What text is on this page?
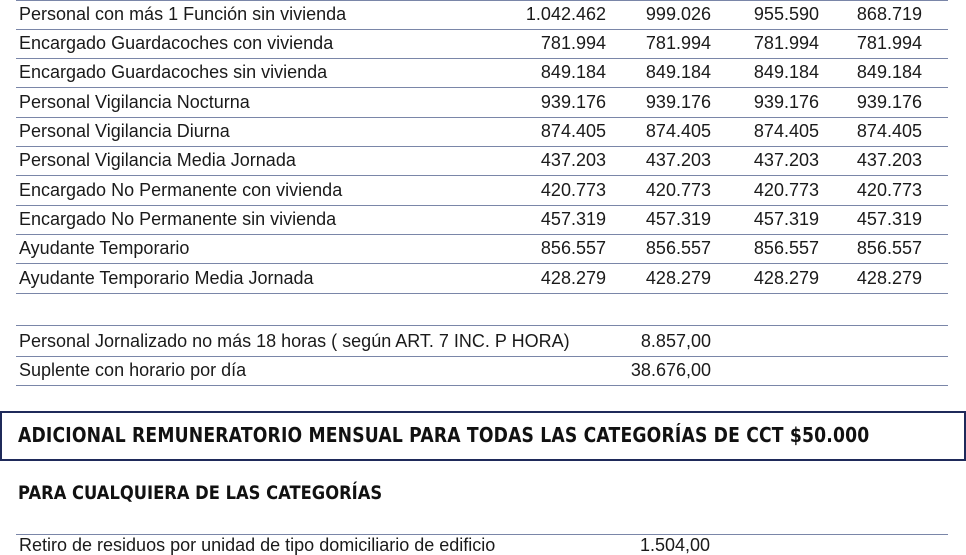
Personal con más 1 Función sin vivienda	1.042.462 999.026 955.590 868.719
Encargado Guardacoches con vivienda	781.994 781.994 781.994 781.994
Encargado Guardacoches sin vivienda	849.184 849.184 849.184 849.184
Personal Vigilancia Nocturna	939.176 939.176 939.176 939.176
Personal Vigilancia Diurna	874.405 874.405 874.405 874.405
Personal Vigilancia Media Jornada	437.203 437.203 437.203 437.203
Encargado No Permanente con vivienda	420.773 420.773 420.773 420.773
Encargado No Permanente sin vivienda	457.319 457.319 457.319 457.319
Ayudante Temporario	856.557 856.557 856.557 856.557
Ayudante Temporario Media Jornada	428.279 428.279 428.279 428.279
Personal Jornalizado no más 18 horas ( según ART. 7 INC. P HORA)	8.857,00
Suplente con horario por día	38.676,00
ADICIONAL REMUNERATORIO MENSUAL PARA TODAS LAS CATEGORÍAS DE CCT $50.000
PARA CUALQUIERA DE LAS CATEGORÍAS
Retiro de residuos por unidad de tipo domiciliario de edificio	1.504,00
